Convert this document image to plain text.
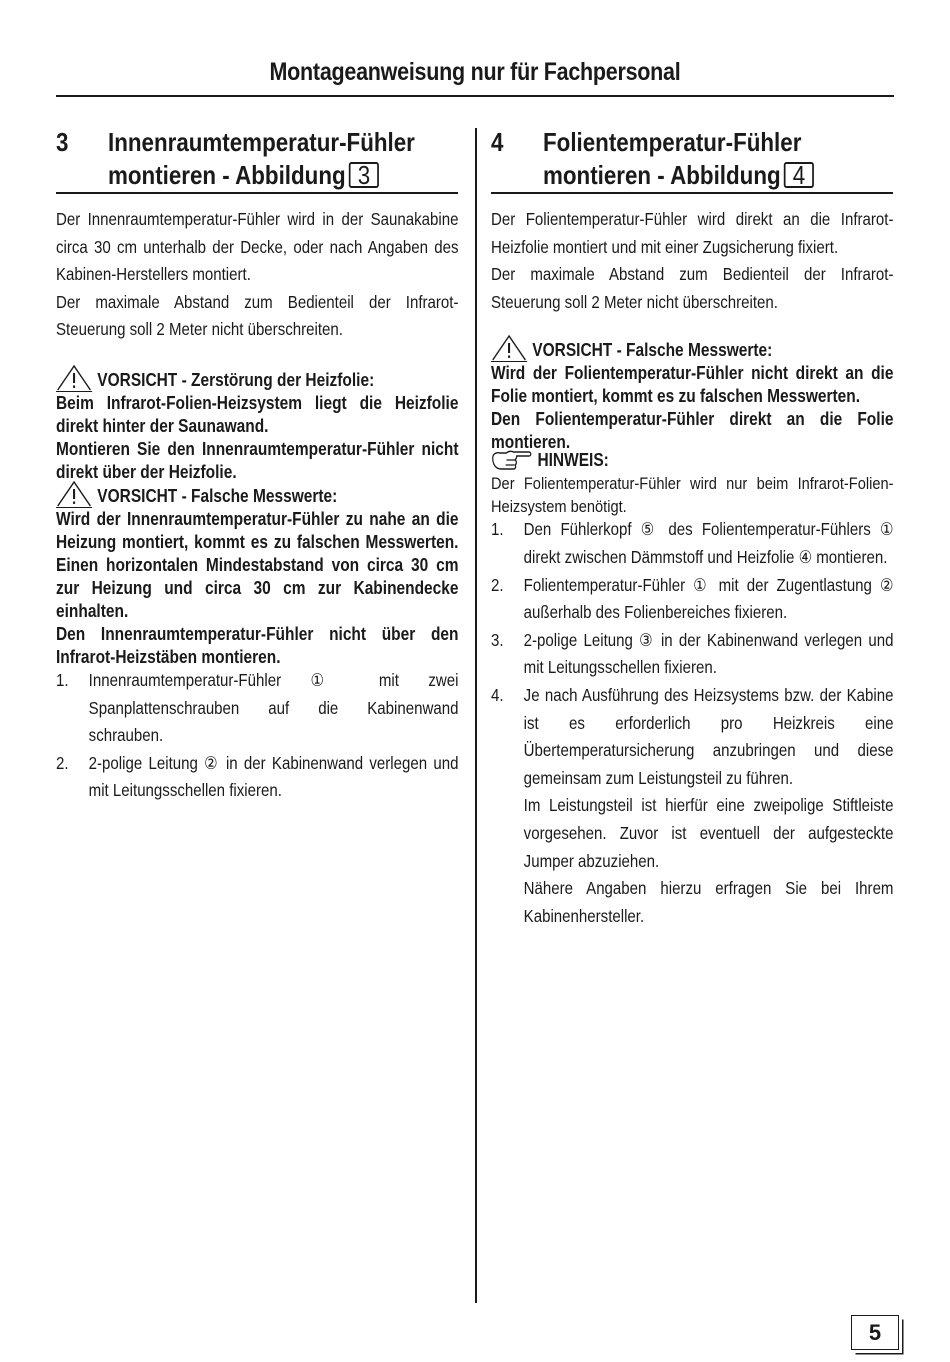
Montageanweisung nur für Fachpersonal
3 Innenraumtemperatur-Fühler
montieren - Abbildung 3

Der Innenraumtemperatur-Fühler wird in der Saunakabine circa 30 cm unterhalb der Decke, oder nach Angaben des Kabinen-Herstellers montiert.

Der maximale Abstand zum Bedienteil der Infrarot-Steuerung soll 2 Meter nicht überschreiten.

VORSICHT - Zerstörung der Heizfolie:
Beim Infrarot-Folien-Heizsystem liegt die Heizfolie direkt hinter der Saunawand.
Montieren Sie den Innenraumtemperatur-Fühler nicht direkt über der Heizfolie.
VORSICHT - Falsche Messwerte:
Wird der Innenraumtemperatur-Fühler zu nahe an die Heizung montiert, kommt es zu falschen Messwerten. Einen horizontalen Mindestabstand von circa 30 cm zur Heizung und circa 30 cm zur Kabinendecke einhalten.
Den Innenraumtemperatur-Fühler nicht über den Infrarot-Heizstäben montieren.
1.	Innenraumtemperatur-Fühler ① mit zwei Spanplattenschrauben auf die Kabinenwand schrauben.
2.	2-polige Leitung ② in der Kabinenwand verlegen und mit Leitungsschellen fixieren.
4 Folientemperatur-Fühler
montieren - Abbildung 4

Der Folientemperatur-Fühler wird direkt an die Infrarot-Heizfolie montiert und mit einer Zugsicherung fixiert.

Der maximale Abstand zum Bedienteil der Infrarot-Steuerung soll 2 Meter nicht überschreiten.

VORSICHT - Falsche Messwerte:
Wird der Folientemperatur-Fühler nicht direkt an die Folie montiert, kommt es zu falschen Messwerten.
Den Folientemperatur-Fühler direkt an die Folie montieren.
HINWEIS:
Der Folientemperatur-Fühler wird nur beim Infrarot-Folien-Heizsystem benötigt.
1.	Den Fühlerkopf ⑤ des Folientemperatur-Fühlers ① direkt zwischen Dämmstoff und Heizfolie ④ montieren.
2.	Folientemperatur-Fühler ① mit der Zugentlastung ② außerhalb des Folienbereiches fixieren.
3.	2-polige Leitung ③ in der Kabinenwand verlegen und mit Leitungsschellen fixieren.
4.	Je nach Ausführung des Heizsystems bzw. der Kabine ist es erforderlich pro Heizkreis eine Übertemperatursicherung anzubringen und diese gemeinsam zum Leistungsteil zu führen.

Im Leistungsteil ist hierfür eine zweipolige Stiftleiste vorgesehen. Zuvor ist eventuell der aufgesteckte Jumper abzuziehen.

Nähere Angaben hierzu erfragen Sie bei Ihrem Kabinenhersteller.

5
